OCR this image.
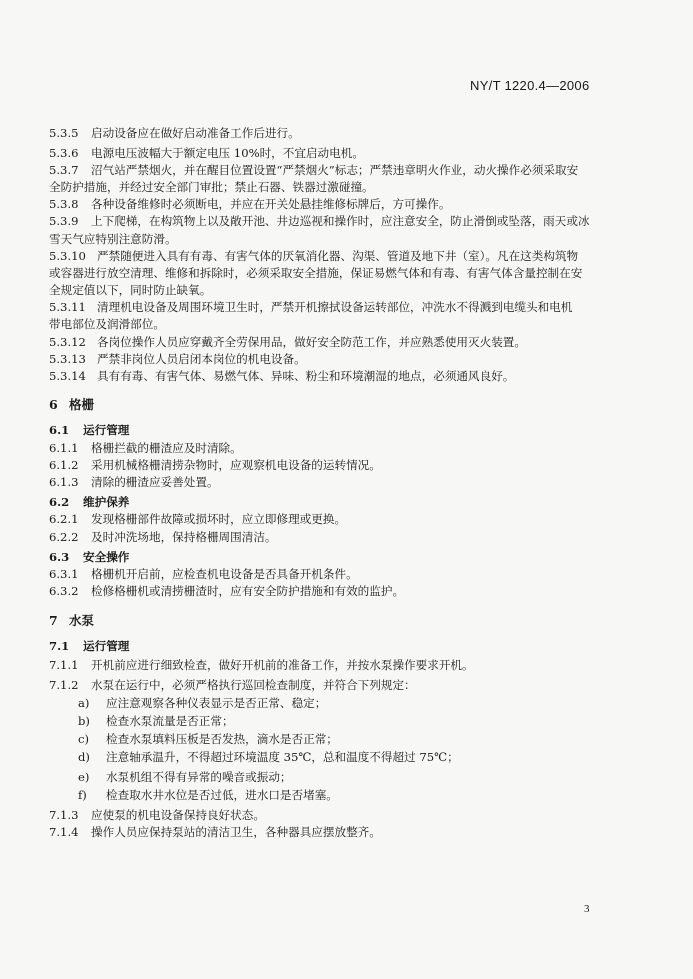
NY/T 1220.4—2006
5.3.5 启动设备应在做好启动准备工作后进行。
5.3.6 电源电压波幅大于额定电压 10%时，不宜启动电机。
5.3.7 沼气站严禁烟火，并在醒目位置设置“严禁烟火”标志；严禁违章明火作业，动火操作必须采取安
全防护措施，并经过安全部门审批；禁止石器、铁器过激碰撞。
5.3.8 各种设备维修时必须断电，并应在开关处悬挂维修标牌后，方可操作。
5.3.9 上下爬梯，在构筑物上以及敞开池、井边巡视和操作时，应注意安全，防止滑倒或坠落，雨天或冰
雪天气应特别注意防滑。
5.3.10 严禁随便进入具有有毒、有害气体的厌氧消化器、沟渠、管道及地下井（室）。凡在这类构筑物
或容器进行放空清理、维修和拆除时，必须采取安全措施，保证易燃气体和有毒、有害气体含量控制在安
全规定值以下，同时防止缺氧。
5.3.11 清理机电设备及周围环境卫生时，严禁开机擦拭设备运转部位，冲洗水不得溅到电缆头和电机
带电部位及润滑部位。
5.3.12 各岗位操作人员应穿戴齐全劳保用品，做好安全防范工作，并应熟悉使用灭火装置。
5.3.13 严禁非岗位人员启闭本岗位的机电设备。
5.3.14 具有有毒、有害气体、易燃气体、异味、粉尘和环境潮湿的地点，必须通风良好。
6 格栅
6.1 运行管理
6.1.1 格栅拦截的栅渣应及时清除。
6.1.2 采用机械格栅清捞杂物时，应观察机电设备的运转情况。
6.1.3 清除的栅渣应妥善处置。
6.2 维护保养
6.2.1 发现格栅部件故障或损坏时，应立即修理或更换。
6.2.2 及时冲洗场地，保持格栅周围清洁。
6.3 安全操作
6.3.1 格栅机开启前，应检查机电设备是否具备开机条件。
6.3.2 检修格栅机或清捞栅渣时，应有安全防护措施和有效的监护。
7 水泵
7.1 运行管理
7.1.1 开机前应进行细致检查，做好开机前的准备工作，并按水泵操作要求开机。
7.1.2 水泵在运行中，必须严格执行巡回检查制度，并符合下列规定：
a) 应注意观察各种仪表显示是否正常、稳定；
b) 检查水泵流量是否正常；
c) 检查水泵填料压板是否发热，滴水是否正常；
d) 注意轴承温升，不得超过环境温度 35℃，总和温度不得超过 75℃；
e) 水泵机组不得有异常的噪音或振动；
f) 检查取水井水位是否过低，进水口是否堵塞。
7.1.3 应使泵的机电设备保持良好状态。
7.1.4 操作人员应保持泵站的清洁卫生，各种器具应摆放整齐。
3
